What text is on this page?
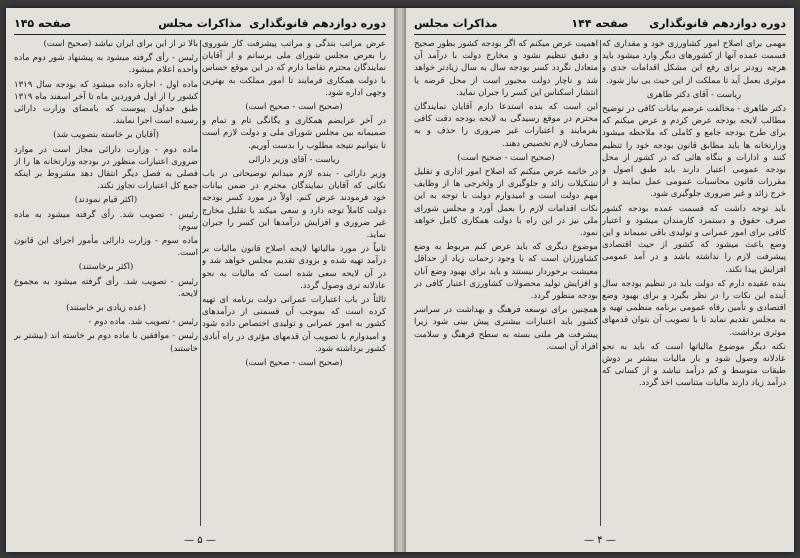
دوره دوازدهم قانونگذاری
مذاکرات مجلس
صفحه ۱۴۵

عرض مراتب بندگی و مراتب پیشرفت کار شوروی را بعرض مجلس شورای ملی برسانم و از آقایان نمایندگان محترم تقاضا دارم که در این موقع حساس با دولت همکاری فرمایند تا امور مملکت به بهترین وجهی اداره شود.

(صحیح است - صحیح است)

در آخر عرایضم همکاری و یگانگی تام و تمام و صمیمانه بین مجلس شورای ملی و دولت لازم است تا بتوانیم نتیجه مطلوب را بدست آوریم.

ریاست - آقای وزیر دارائی

وزیر دارائی - بنده لازم میدانم توضیحاتی در باب نکاتی که آقایان نمایندگان محترم در ضمن بیانات خود فرمودند عرض کنم. اولاً در مورد کسر بودجه دولت کاملاً توجه دارد و سعی میکند با تقلیل مخارج غیر ضروری و افزایش درآمدها این کسر را جبران نماید.

ثانیاً در مورد مالیاتها لایحه اصلاح قانون مالیات بر درآمد تهیه شده و بزودی تقدیم مجلس خواهد شد و در آن لایحه سعی شده است که مالیات به نحو عادلانه تری وصول گردد.

ثالثاً در باب اعتبارات عمرانی دولت برنامه ای تهیه کرده است که بموجب آن قسمتی از درآمدهای کشور به امور عمرانی و تولیدی اختصاص داده شود و امیدوارم با تصویب آن قدمهای مؤثری در راه آبادی کشور برداشته شود.

(صحیح است - صحیح است)

بالا تر از این برای ایران نباشد (صحیح است)

رئیس - رأی گرفته میشود به پیشنهاد شور دوم ماده واحده اعلام میشود.

ماده اول - اجازه داده میشود که بودجه سال ۱۳۱۹ کشور را از اول فروردین ماه تا آخر اسفند ماه ۱۳۱۹ طبق جداول پیوست که بامضای وزارت دارائی رسیده است اجرا نمایند.

(آقایان بر خاسته بتصویب شد)

ماده دوم - وزارت دارائی مجاز است در موارد ضروری اعتبارات منظور در بودجه وزارتخانه ها را از فصلی به فصل دیگر انتقال دهد مشروط بر اینکه جمع کل اعتبارات تجاوز نکند.

(اکثر قیام نمودند)

رئیس - تصویب شد. رأی گرفته میشود به ماده سوم:

ماده سوم - وزارت دارائی مأمور اجرای این قانون است.

(اکثر برخاستند)

رئیس - تصویب شد. رأی گرفته میشود به مجموع لایحه.

(عده زیادی بر خاستند)

رئیس - تصویب شد. ماده دوم -

رئیس - موافقین با ماده دوم بر خاسته اند (بیشتر بر خاستند)

— ۵ —
دوره دوازدهم قانونگذاری
صفحه ۱۴۴
مذاکرات مجلس

مهمی برای اصلاح امور کشاورزی خود و مقداری که قسمت عمده آنها از کشورهای دیگر وارد میشود باید هرچه زودتر برای رفع این مشکل اقدامات جدی و موثری بعمل آید تا مملکت از این حیث بی نیاز شود.

ریاست - آقای دکتر طاهری

دکتر طاهری - مخالفت عرضم بیانات کافی در توضیح مطالب لایحه بودجه عرض کردم و عرض میکنم که برای طرح بودجه جامع و کاملی که ملاحظه میشود وزارتخانه ها باید مطابق قانون بودجه خود را تنظیم کنند و ادارات و بنگاه هائی که در کشور از محل بودجه عمومی اعتبار دارند باید طبق اصول و مقررات قانون محاسبات عمومی عمل نمایند و از خرج زائد و غیر ضروری جلوگیری شود.

باید توجه داشت که قسمت عمده بودجه کشور صرف حقوق و دستمزد کارمندان میشود و اعتبار کافی برای امور عمرانی و تولیدی باقی نمیماند و این وضع باعث میشود که کشور از حیث اقتصادی پیشرفت لازم را نداشته باشد و در آمد عمومی افزایش پیدا نکند.

بنده عقیده دارم که دولت باید در تنظیم بودجه سال آینده این نکات را در نظر بگیرد و برای بهبود وضع اقتصادی و تأمین رفاه عمومی برنامه منظمی تهیه و به مجلس تقدیم نماید تا با تصویب آن بتوان قدمهای موثری برداشت.

نکته دیگر موضوع مالیاتها است که باید به نحو عادلانه وصول شود و بار مالیات بیشتر بر دوش طبقات متوسط و کم درآمد نباشد و از کسانی که درآمد زیاد دارند مالیات متناسب اخذ گردد.

اهمیت عرض میکنم که اگر بودجه کشور بطور صحیح و دقیق تنظیم نشود و مخارج دولت با درآمد آن متعادل نگردد کسر بودجه سال به سال زیادتر خواهد شد و ناچار دولت مجبور است از محل قرضه یا انتشار اسکناس این کسر را جبران نماید.

این است که بنده استدعا دارم آقایان نمایندگان محترم در موقع رسیدگی به لایحه بودجه دقت کافی بفرمایند و اعتبارات غیر ضروری را حذف و به مصارف لازم تخصیص دهند.

(صحیح است - صحیح است)

در خاتمه عرض میکنم که اصلاح امور اداری و تقلیل تشکیلات زائد و جلوگیری از ولخرجی ها از وظایف مهم دولت است و امیدوارم دولت با توجه به این نکات اقدامات لازم را بعمل آورد و مجلس شورای ملی نیز در این راه با دولت همکاری کامل خواهد نمود.

موضوع دیگری که باید عرض کنم مربوط به وضع کشاورزان است که با وجود زحمات زیاد از حداقل معیشت برخوردار نیستند و باید برای بهبود وضع آنان و افزایش تولید محصولات کشاورزی اعتبار کافی در بودجه منظور گردد.

همچنین برای توسعه فرهنگ و بهداشت در سراسر کشور باید اعتبارات بیشتری پیش بینی شود زیرا پیشرفت هر ملتی بسته به سطح فرهنگ و سلامت افراد آن است.

— ۴ —
